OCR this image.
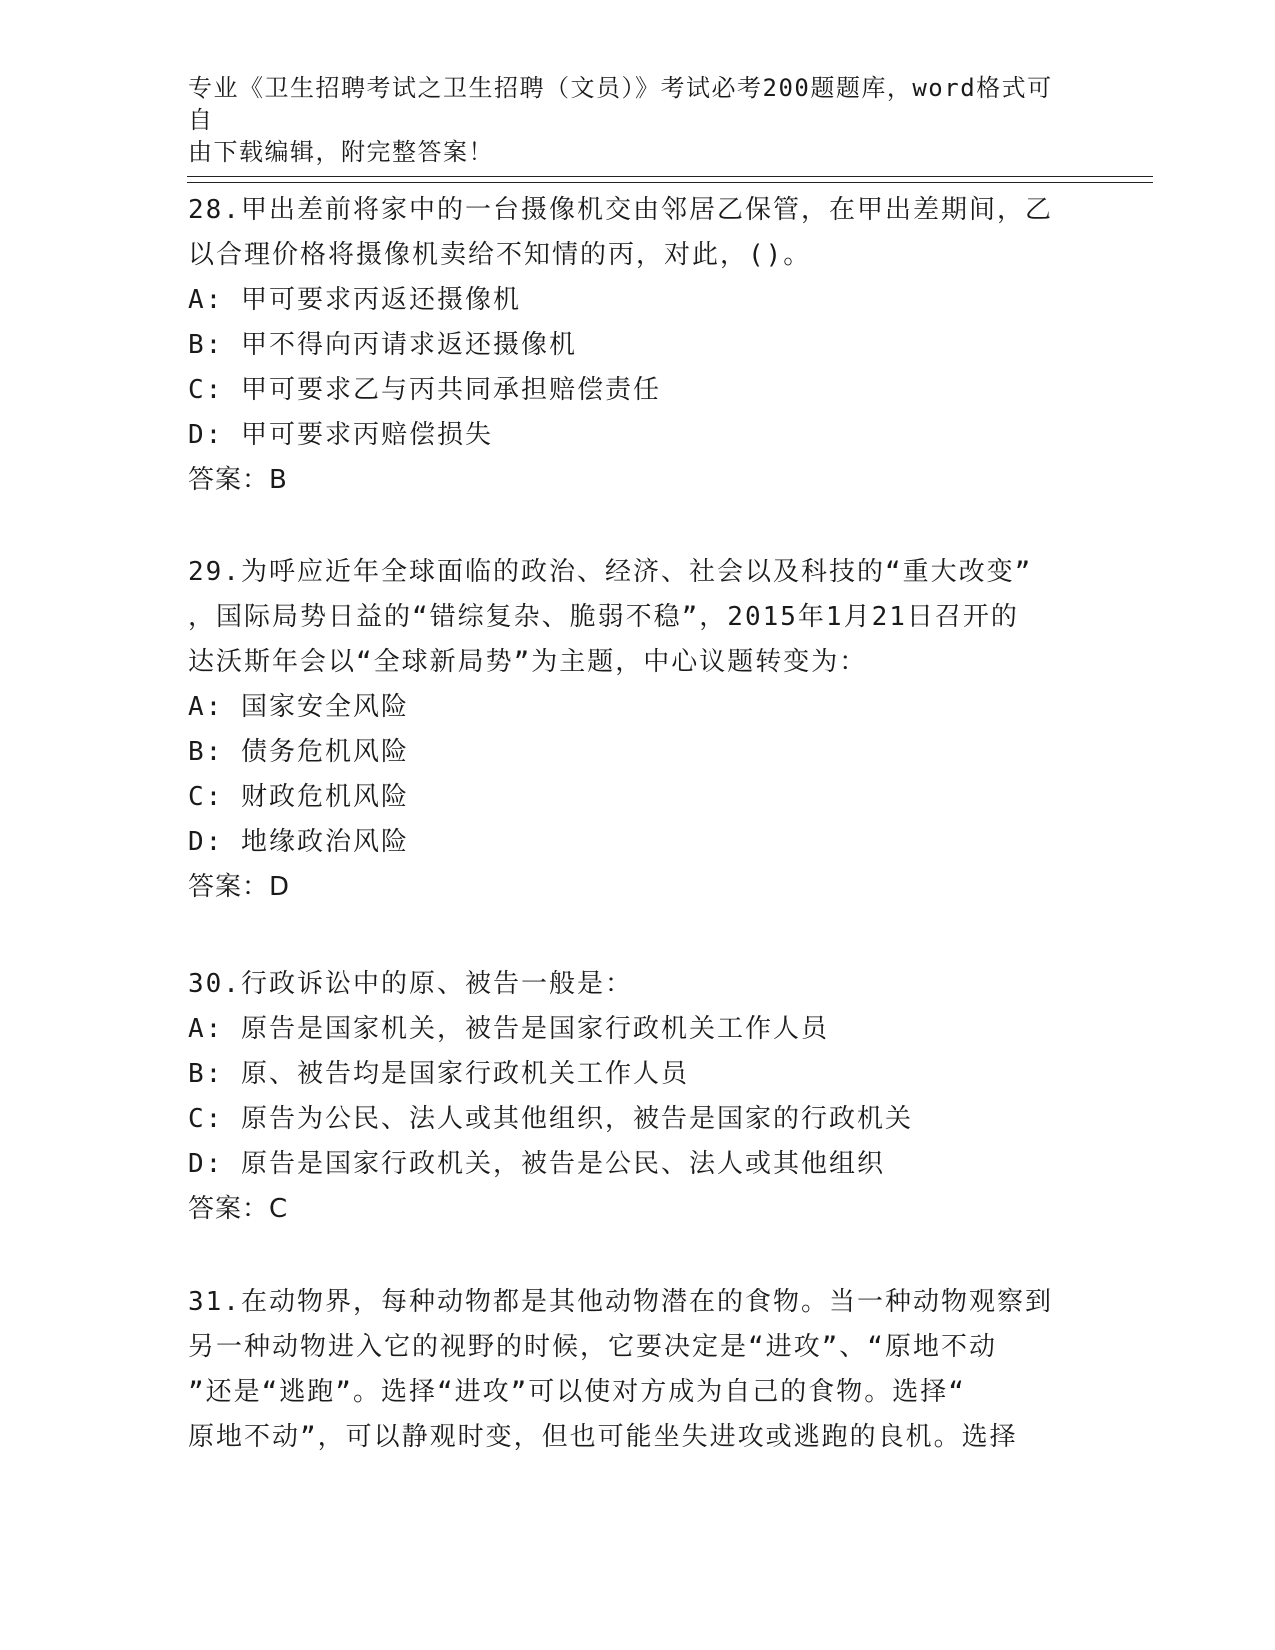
专业《卫生招聘考试之卫生招聘（文员）》考试必考200题题库，word格式可自
由下载编辑，附完整答案！

28.甲出差前将家中的一台摄像机交由邻居乙保管，在甲出差期间，乙

以合理价格将摄像机卖给不知情的丙，对此，()。

A: 甲可要求丙返还摄像机

B: 甲不得向丙请求返还摄像机

C: 甲可要求乙与丙共同承担赔偿责任

D: 甲可要求丙赔偿损失

答案：B

29.为呼应近年全球面临的政治、经济、社会以及科技的“重大改变”

，国际局势日益的“错综复杂、脆弱不稳”，2015年1月21日召开的

达沃斯年会以“全球新局势”为主题，中心议题转变为：

A: 国家安全风险

B: 债务危机风险

C: 财政危机风险

D: 地缘政治风险

答案：D

30.行政诉讼中的原、被告一般是：

A: 原告是国家机关，被告是国家行政机关工作人员

B: 原、被告均是国家行政机关工作人员

C: 原告为公民、法人或其他组织，被告是国家的行政机关

D: 原告是国家行政机关，被告是公民、法人或其他组织

答案：C

31.在动物界，每种动物都是其他动物潜在的食物。当一种动物观察到

另一种动物进入它的视野的时候，它要决定是“进攻”、“原地不动

”还是“逃跑”。选择“进攻”可以使对方成为自己的食物。选择“

原地不动”，可以静观时变，但也可能坐失进攻或逃跑的良机。选择
